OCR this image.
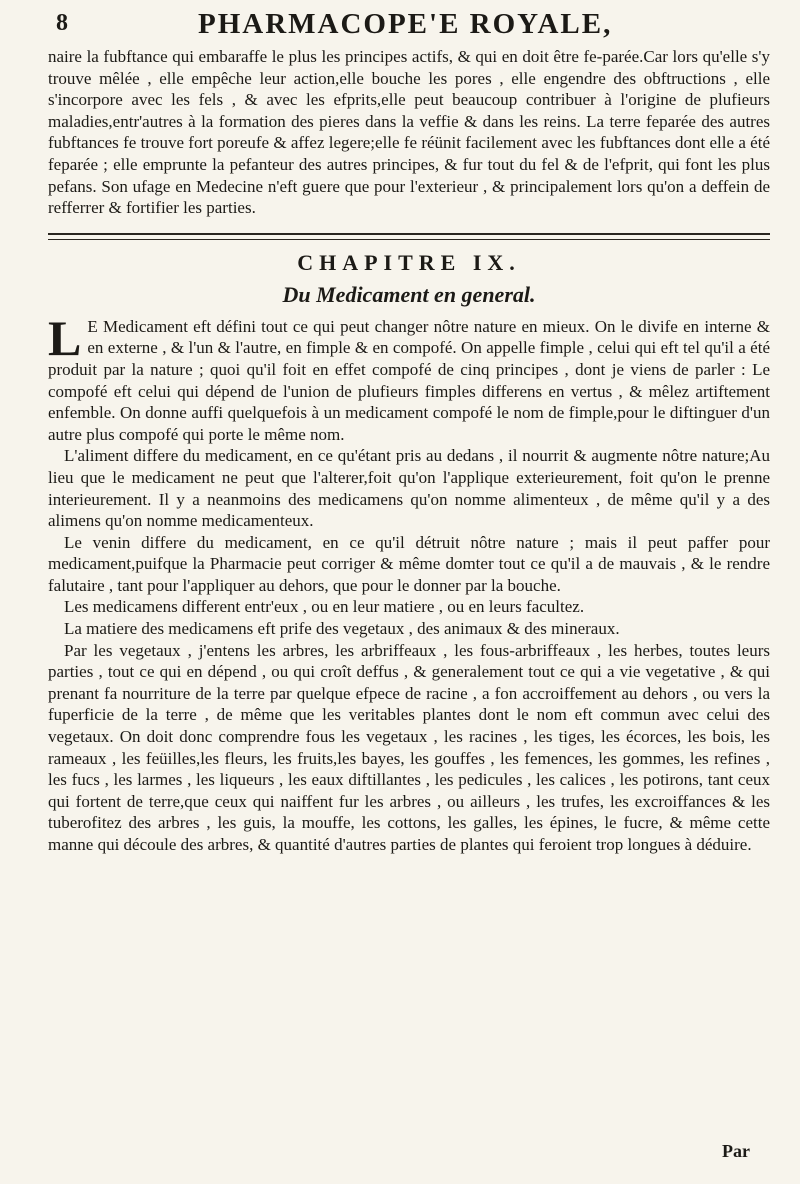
8	PHARMACOPE'E ROYALE,

naire la fubftance qui embaraffe le plus les principes actifs, & qui en doit être fe-parée.Car lors qu'elle s'y trouve mêlée , elle empêche leur action,elle bouche les pores , elle engendre des obftructions , elle s'incorpore avec les fels , & avec les efprits,elle peut beaucoup contribuer à l'origine de plufieurs maladies,entr'autres à la formation des pieres dans la veffie & dans les reins. La terre feparée des autres fubftances fe trouve fort poreufe & affez legere;elle fe réünit facilement avec les fubftances dont elle a été feparée ; elle emprunte la pefanteur des autres principes, & fur tout du fel & de l'efprit, qui font les plus pefans. Son ufage en Medecine n'eft guere que pour l'exterieur , & principalement lors qu'on a deffein de refferrer & fortifier les parties.

CHAPITRE IX.
Du Medicament en general.

L E Medicament eft défini tout ce qui peut changer nôtre nature en mieux. On le divife en interne & en externe , & l'un & l'autre, en fimple & en compofé. On appelle fimple , celui qui eft tel qu'il a été produit par la nature ; quoi qu'il foit en effet compofé de cinq principes , dont je viens de parler : Le compofé eft celui qui dépend de l'union de plufieurs fimples differens en vertus , & mêlez artiftement enfemble. On donne auffi quelquefois à un medicament compofé le nom de fimple,pour le diftinguer d'un autre plus compofé qui porte le même nom.

L'aliment differe du medicament, en ce qu'étant pris au dedans , il nourrit & augmente nôtre nature;Au lieu que le medicament ne peut que l'alterer,foit qu'on l'applique exterieurement, foit qu'on le prenne interieurement. Il y a neanmoins des medicamens qu'on nomme alimenteux , de même qu'il y a des alimens qu'on nomme medicamenteux.

Le venin differe du medicament, en ce qu'il détruit nôtre nature ; mais il peut paffer pour medicament,puifque la Pharmacie peut corriger & même domter tout ce qu'il a de mauvais , & le rendre falutaire , tant pour l'appliquer au dehors, que pour le donner par la bouche.

Les medicamens different entr'eux , ou en leur matiere , ou en leurs facultez.

La matiere des medicamens eft prife des vegetaux , des animaux & des mineraux.

Par les vegetaux , j'entens les arbres, les arbriffeaux , les fous-arbriffeaux , les herbes, toutes leurs parties , tout ce qui en dépend , ou qui croît deffus , & generalement tout ce qui a vie vegetative , & qui prenant fa nourriture de la terre par quelque efpece de racine , a fon accroiffement au dehors , ou vers la fuperficie de la terre , de même que les veritables plantes dont le nom eft commun avec celui des vegetaux. On doit donc comprendre fous les vegetaux , les racines , les tiges, les écorces, les bois, les rameaux , les feüilles,les fleurs, les fruits,les bayes, les gouffes , les femences, les gommes, les refines , les fucs , les larmes , les liqueurs , les eaux diftillantes , les pedicules , les calices , les potirons, tant ceux qui fortent de terre,que ceux qui naiffent fur les arbres , ou ailleurs , les trufes, les excroiffances & les tuberofitez des arbres , les guis, la mouffe, les cottons, les galles, les épines, le fucre, & même cette manne qui découle des arbres, & quantité d'autres parties de plantes qui feroient trop longues à déduire.

Par
